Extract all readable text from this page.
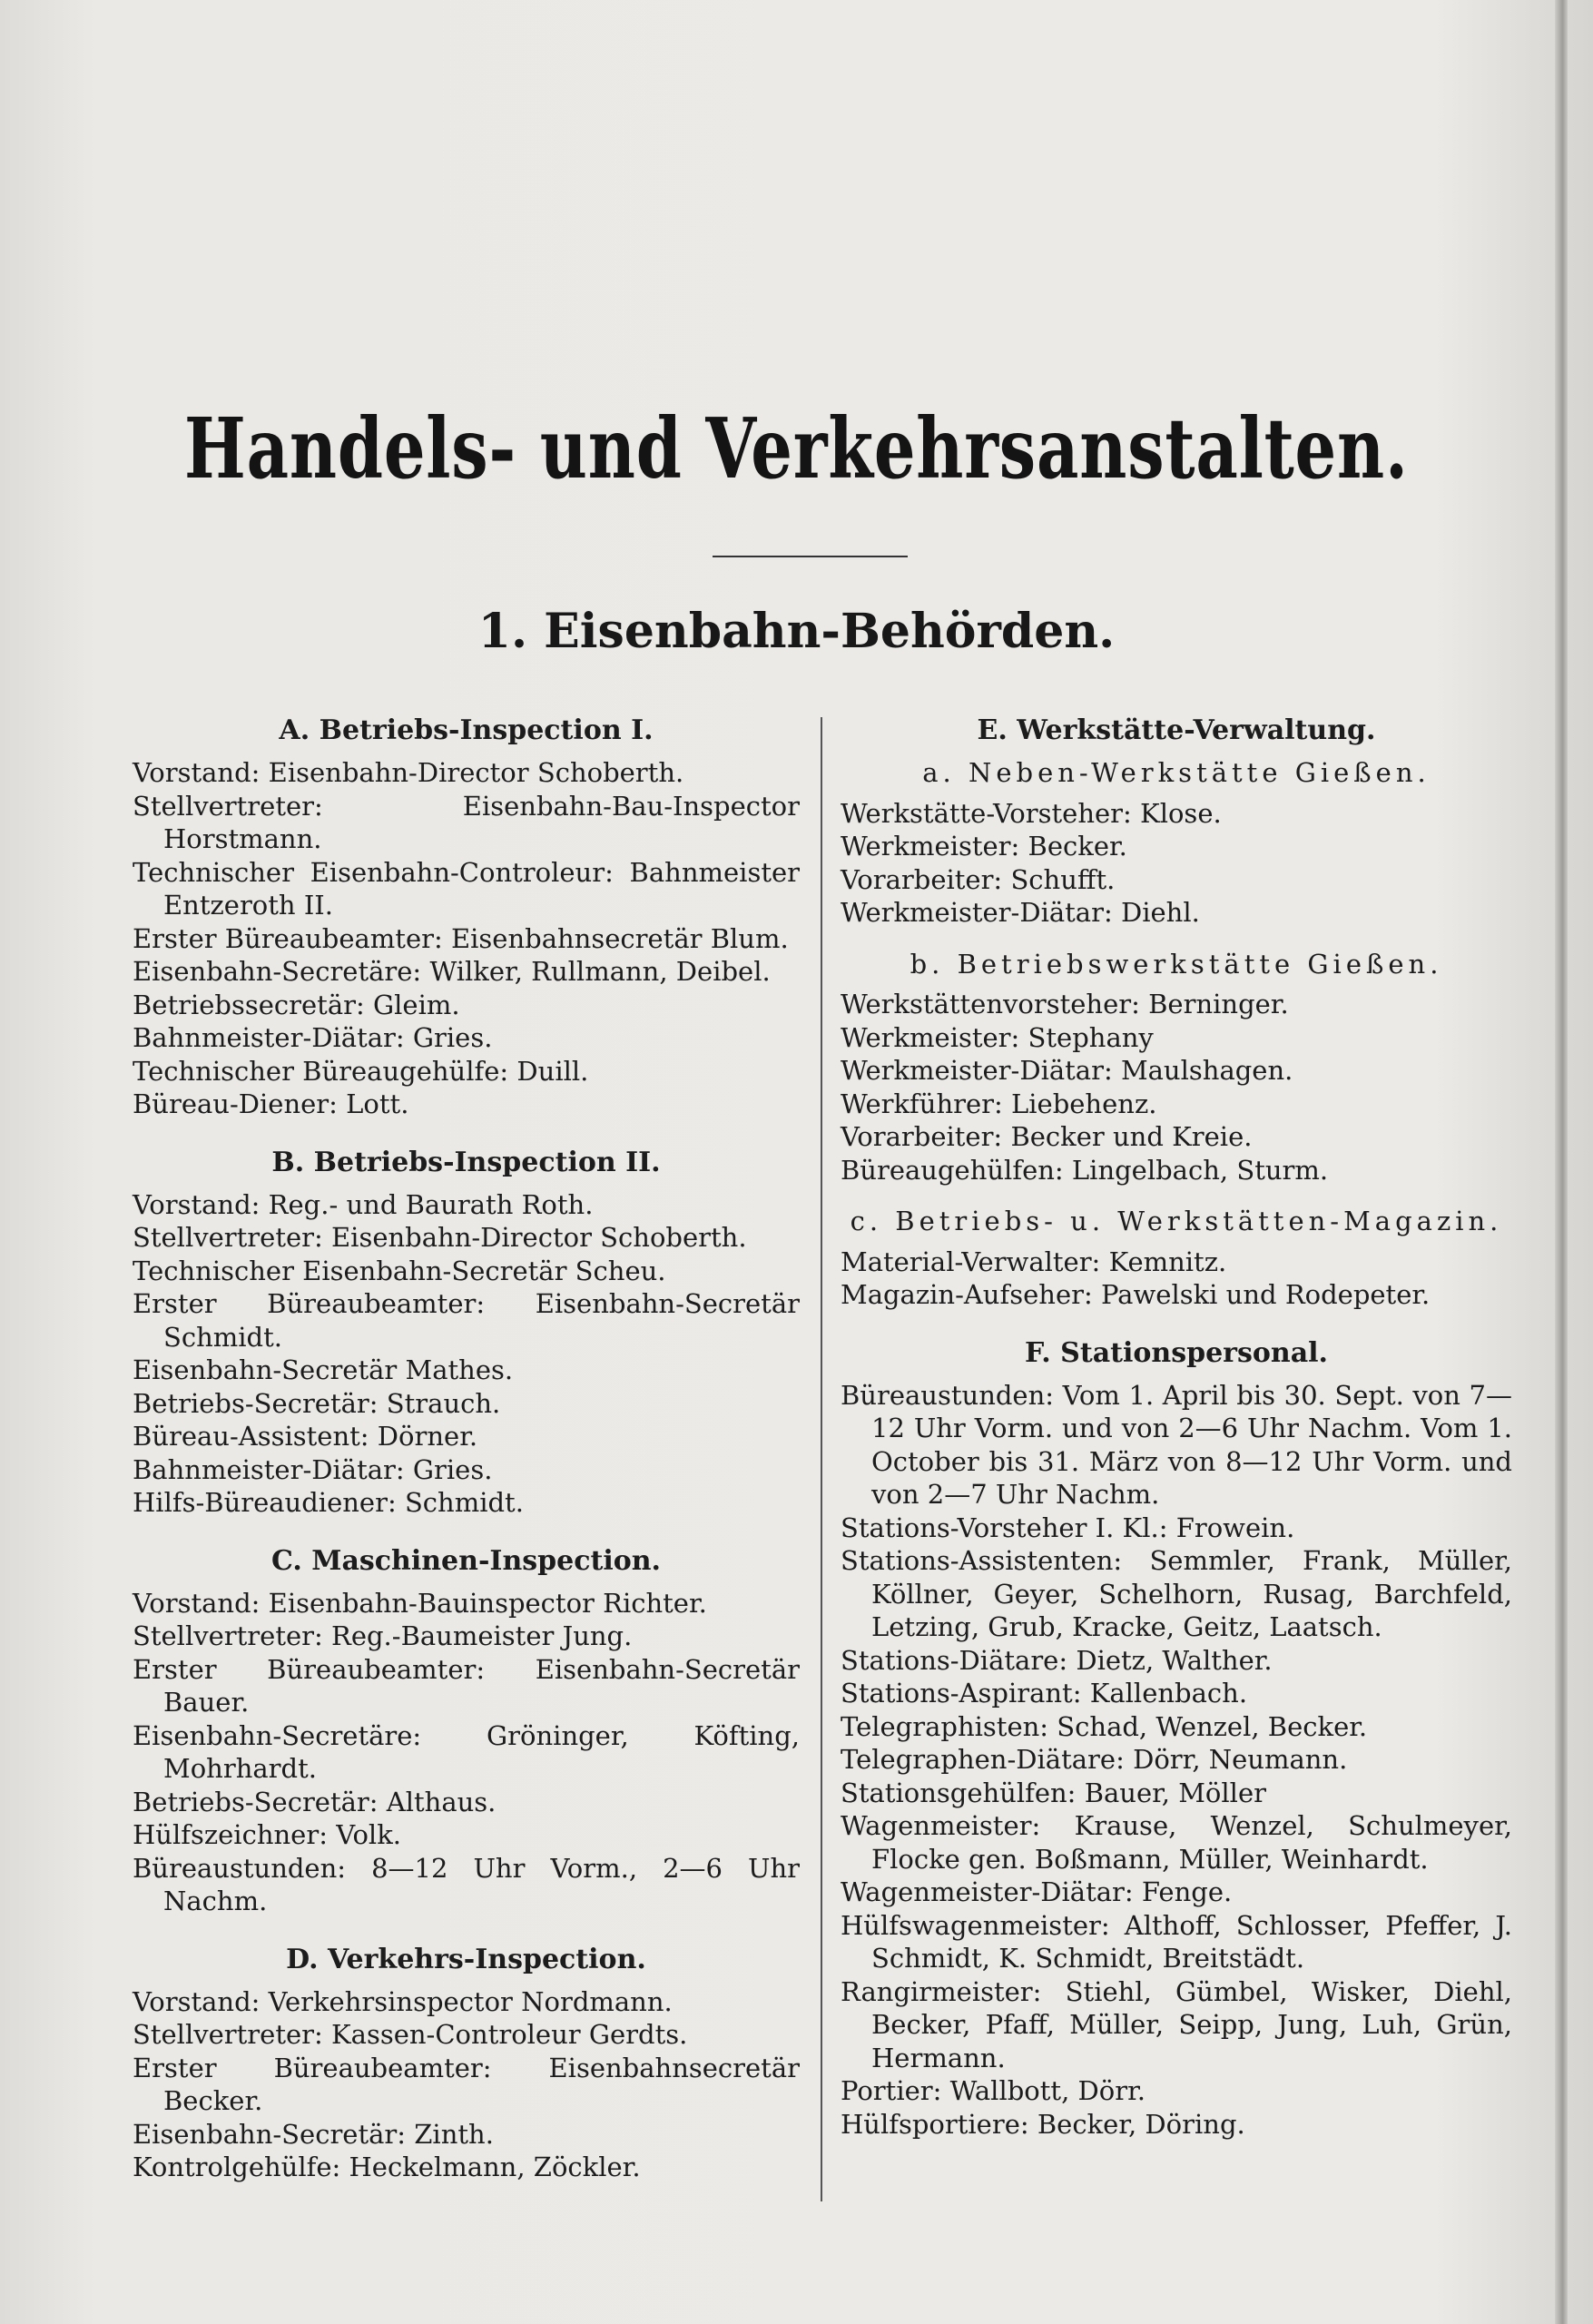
Handels- und Verkehrsanstalten.
1. Eisenbahn-Behörden.
A. Betriebs-Inspection I.
Vorstand: Eisenbahn-Director Schoberth.
Stellvertreter:	Eisenbahn-Bau-Inspector Horstmann.
Technischer Eisenbahn-Controleur: Bahnmeister Entzeroth II.
Erster Büreaubeamter: Eisenbahnsecretär Blum.
Eisenbahn-Secretäre: Wilker, Rullmann, Deibel.
Betriebssecretär: Gleim.
Bahnmeister-Diätar: Gries.
Technischer Büreaugehülfe: Duill.
Büreau-Diener: Lott.
B. Betriebs-Inspection II.
Vorstand: Reg.- und Baurath Roth.
Stellvertreter: Eisenbahn-Director Schoberth.
Technischer Eisenbahn-Secretär Scheu.
Erster Büreaubeamter: Eisenbahn-Secretär Schmidt.
Eisenbahn-Secretär Mathes.
Betriebs-Secretär: Strauch.
Büreau-Assistent: Dörner.
Bahnmeister-Diätar: Gries.
Hilfs-Büreaudiener: Schmidt.
C. Maschinen-Inspection.
Vorstand: Eisenbahn-Bauinspector Richter.
Stellvertreter: Reg.-Baumeister Jung.
Erster Büreaubeamter: Eisenbahn-Secretär Bauer.
Eisenbahn-Secretäre: Gröninger, Köfting, Mohrhardt.
Betriebs-Secretär: Althaus.
Hülfszeichner: Volk.
Büreaustunden: 8—12 Uhr Vorm., 2—6 Uhr Nachm.
D. Verkehrs-Inspection.
Vorstand: Verkehrsinspector Nordmann.
Stellvertreter: Kassen-Controleur Gerdts.
Erster Büreaubeamter: Eisenbahnsecretär Becker.
Eisenbahn-Secretär: Zinth.
Kontrolgehülfe: Heckelmann, Zöckler.
E. Werkstätte-Verwaltung.
a. Neben-Werkstätte Gießen.
Werkstätte-Vorsteher: Klose.
Werkmeister: Becker.
Vorarbeiter: Schufft.
Werkmeister-Diätar: Diehl.
b. Betriebswerkstätte Gießen.
Werkstättenvorsteher: Berninger.
Werkmeister: Stephany
Werkmeister-Diätar: Maulshagen.
Werkführer: Liebehenz.
Vorarbeiter: Becker und Kreie.
Büreaugehülfen: Lingelbach, Sturm.
c. Betriebs- u. Werkstätten-Magazin.
Material-Verwalter: Kemnitz.
Magazin-Aufseher: Pawelski und Rodepeter.
F. Stationspersonal.
Büreaustunden: Vom 1. April bis 30. Sept. von 7—12 Uhr Vorm. und von 2—6 Uhr Nachm. Vom 1. October bis 31. März von 8—12 Uhr Vorm. und von 2—7 Uhr Nachm.
Stations-Vorsteher I. Kl.: Frowein.
Stations-Assistenten: Semmler, Frank, Müller, Köllner, Geyer, Schelhorn, Rusag, Barchfeld, Letzing, Grub, Kracke, Geitz, Laatsch.
Stations-Diätare: Dietz, Walther.
Stations-Aspirant: Kallenbach.
Telegraphisten: Schad, Wenzel, Becker.
Telegraphen-Diätare: Dörr, Neumann.
Stationsgehülfen: Bauer, Möller
Wagenmeister: Krause, Wenzel, Schulmeyer, Flocke gen. Boßmann, Müller, Weinhardt.
Wagenmeister-Diätar: Fenge.
Hülfswagenmeister: Althoff, Schlosser, Pfeffer, J. Schmidt, K. Schmidt, Breitstädt.
Rangirmeister: Stiehl, Gümbel, Wisker, Diehl, Becker, Pfaff, Müller, Seipp, Jung, Luh, Grün, Hermann.
Portier: Wallbott, Dörr.
Hülfsportiere: Becker, Döring.
